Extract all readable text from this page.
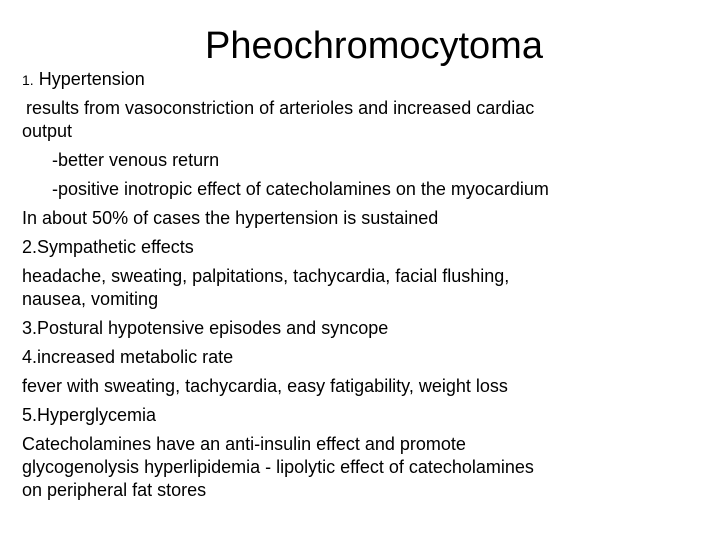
Pheochromocytoma
1. Hypertension
results from vasoconstriction of arterioles and increased cardiac
output
-better venous return
-positive inotropic effect of catecholamines on the myocardium
In about 50% of cases the hypertension is sustained
2.Sympathetic effects
headache, sweating, palpitations, tachycardia, facial flushing,
nausea, vomiting
3.Postural hypotensive episodes and syncope
4.increased metabolic rate
fever with sweating, tachycardia, easy fatigability, weight loss
5.Hyperglycemia
Catecholamines have an anti-insulin effect and promote
glycogenolysis hyperlipidemia - lipolytic effect of catecholamines
on peripheral fat stores
